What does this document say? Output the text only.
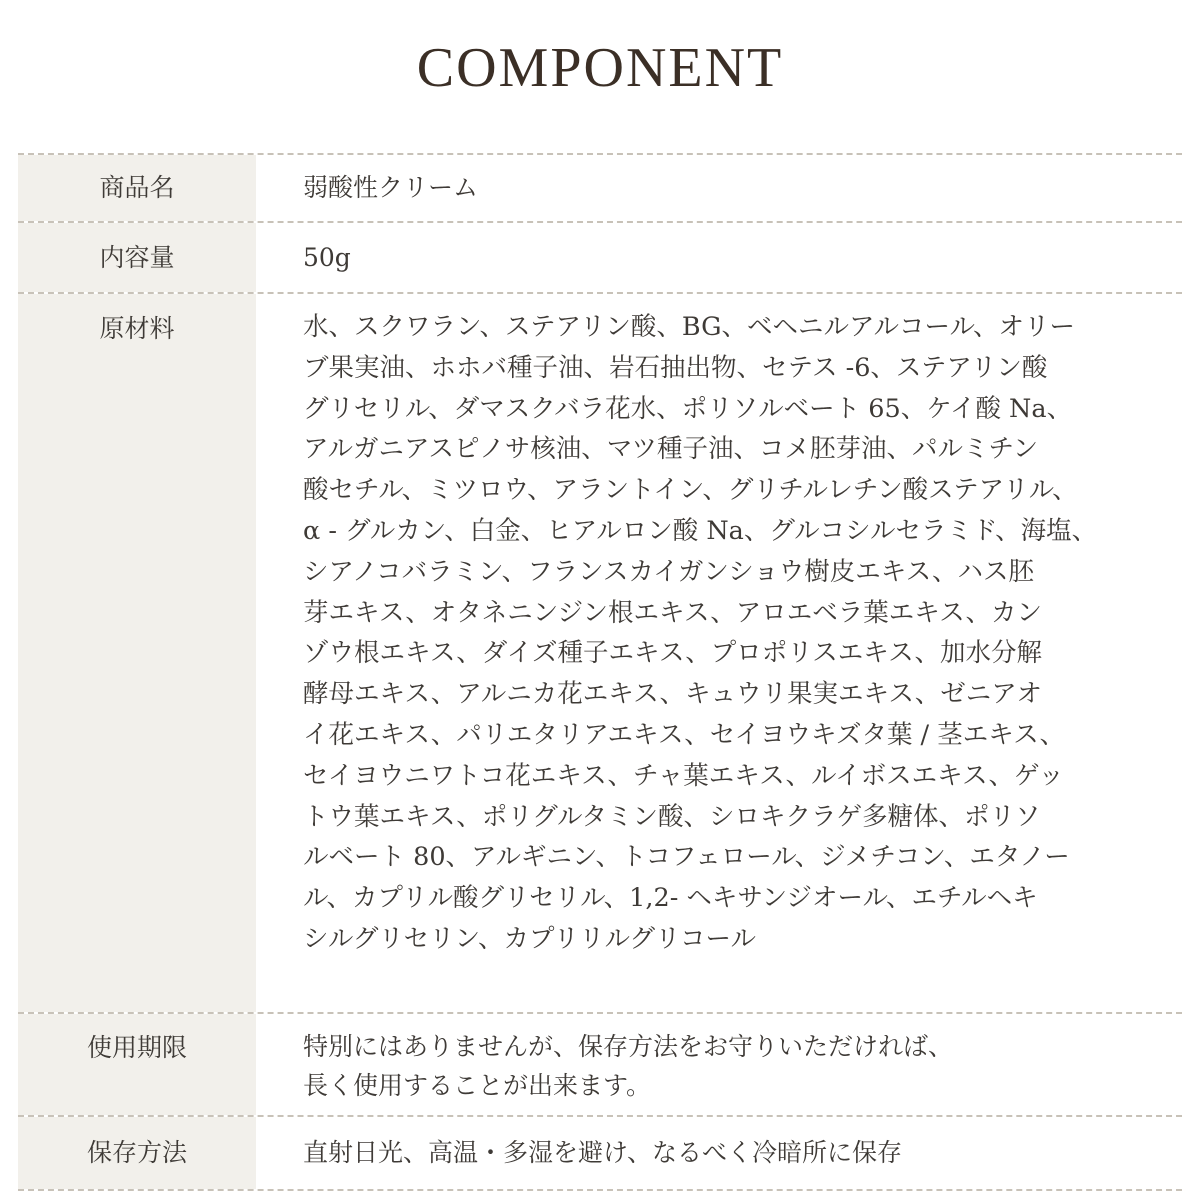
COMPONENT
商品名	弱酸性クリーム
内容量	50g
原材料	水、スクワラン、ステアリン酸、BG、ベヘニルアルコール、オリー
ブ果実油、ホホバ種子油、岩石抽出物、セテス -6、ステアリン酸
グリセリル、ダマスクバラ花水、ポリソルベート 65、ケイ酸 Na、
アルガニアスピノサ核油、マツ種子油、コメ胚芽油、パルミチン
酸セチル、ミツロウ、アラントイン、グリチルレチン酸ステアリル、
α - グルカン、白金、ヒアルロン酸 Na、グルコシルセラミド、海塩、
シアノコバラミン、フランスカイガンショウ樹皮エキス、ハス胚
芽エキス、オタネニンジン根エキス、アロエベラ葉エキス、カン
ゾウ根エキス、ダイズ種子エキス、プロポリスエキス、加水分解
酵母エキス、アルニカ花エキス、キュウリ果実エキス、ゼニアオ
イ花エキス、パリエタリアエキス、セイヨウキズタ葉 / 茎エキス、
セイヨウニワトコ花エキス、チャ葉エキス、ルイボスエキス、ゲッ
トウ葉エキス、ポリグルタミン酸、シロキクラゲ多糖体、ポリソ
ルベート 80、アルギニン、トコフェロール、ジメチコン、エタノー
ル、カプリル酸グリセリル、1,2- ヘキサンジオール、エチルヘキ
シルグリセリン、カプリリルグリコール
使用期限	特別にはありませんが、保存方法をお守りいただければ、
長く使用することが出来ます。
保存方法	直射日光、高温・多湿を避け、なるべく冷暗所に保存
